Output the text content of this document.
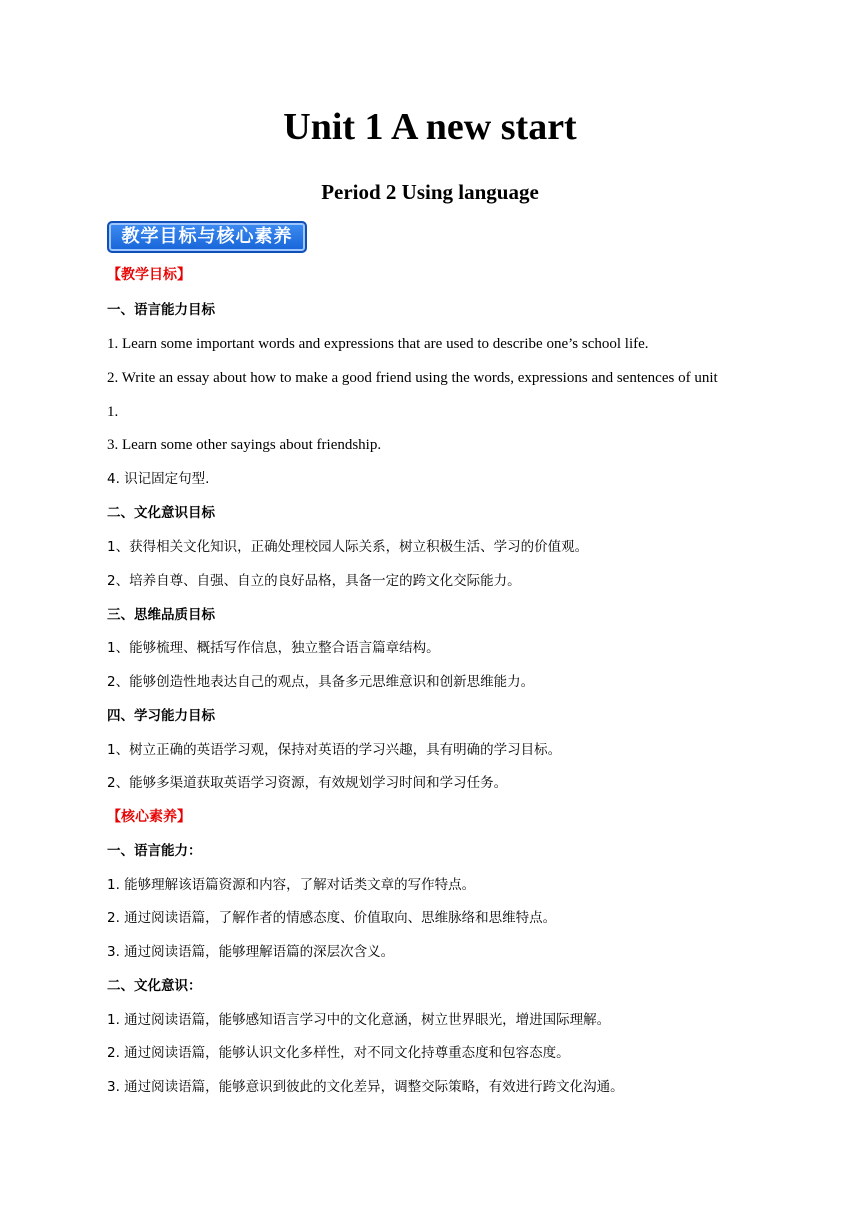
Unit 1 A new start
Period 2 Using language
教学目标与核心素养
【教学目标】
一、语言能力目标
1. Learn some important words and expressions that are used to describe one’s school life.
2. Write an essay about how to make a good friend using the words, expressions and sentences of unit
1.
3. Learn some other sayings about friendship.
4. 识记固定句型.
二、文化意识目标
1、获得相关文化知识，正确处理校园人际关系，树立积极生活、学习的价值观。
2、培养自尊、自强、自立的良好品格，具备一定的跨文化交际能力。
三、思维品质目标
1、能够梳理、概括写作信息，独立整合语言篇章结构。
2、能够创造性地表达自己的观点，具备多元思维意识和创新思维能力。
四、学习能力目标
1、树立正确的英语学习观，保持对英语的学习兴趣，具有明确的学习目标。
2、能够多渠道获取英语学习资源，有效规划学习时间和学习任务。
【核心素养】
一、语言能力：
1. 能够理解该语篇资源和内容，了解对话类文章的写作特点。
2. 通过阅读语篇，了解作者的情感态度、价值取向、思维脉络和思维特点。
3. 通过阅读语篇，能够理解语篇的深层次含义。
二、文化意识：
1. 通过阅读语篇，能够感知语言学习中的文化意涵，树立世界眼光，增进国际理解。
2. 通过阅读语篇，能够认识文化多样性，对不同文化持尊重态度和包容态度。
3. 通过阅读语篇，能够意识到彼此的文化差异，调整交际策略，有效进行跨文化沟通。
